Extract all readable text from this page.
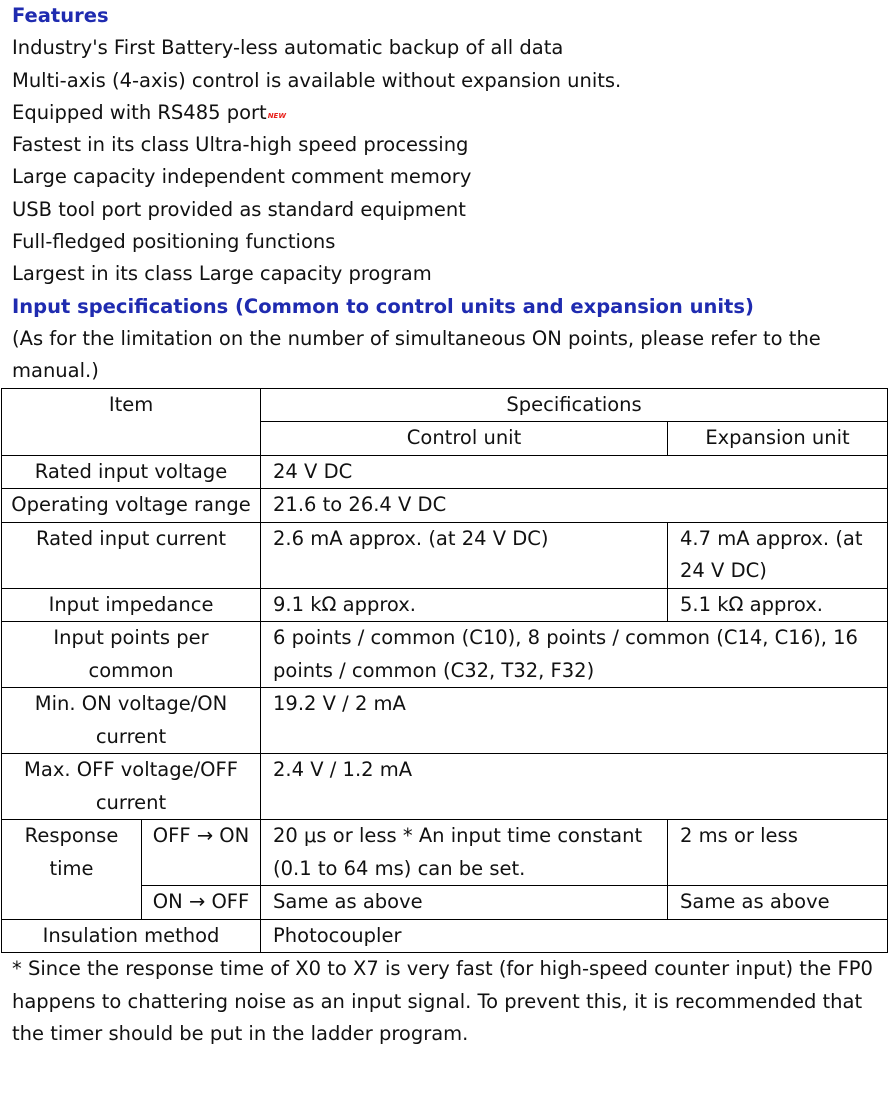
Features
Industry's First Battery-less automatic backup of all data
Multi-axis (4-axis) control is available without expansion units.
Equipped with RS485 portNEW
Fastest in its class Ultra-high speed processing
Large capacity independent comment memory
USB tool port provided as standard equipment
Full-fledged positioning functions
Largest in its class Large capacity program
Input specifications (Common to control units and expansion units)
(As for the limitation on the number of simultaneous ON points, please refer to the manual.)
Item		Specifications	
		Control unit	Expansion unit
Rated input voltage		24 V DC	
Operating voltage range		21.6 to 26.4 V DC	
Rated input current		2.6 mA approx. (at 24 V DC)	4.7 mA approx. (at 24 V DC)
Input impedance		9.1 kΩ approx.	5.1 kΩ approx.
Input points per common		6 points / common (C10), 8 points / common (C14, C16), 16 points / common (C32, T32, F32)	
Min. ON voltage/ON current		19.2 V / 2 mA	
Max. OFF voltage/OFF current		2.4 V / 1.2 mA	
Response time	OFF → ON	20 μs or less * An input time constant (0.1 to 64 ms) can be set.	2 ms or less
	ON → OFF	Same as above	Same as above
Insulation method		Photocoupler	
* Since the response time of X0 to X7 is very fast (for high-speed counter input) the FP0 happens to chattering noise as an input signal. To prevent this, it is recommended that the timer should be put in the ladder program.
